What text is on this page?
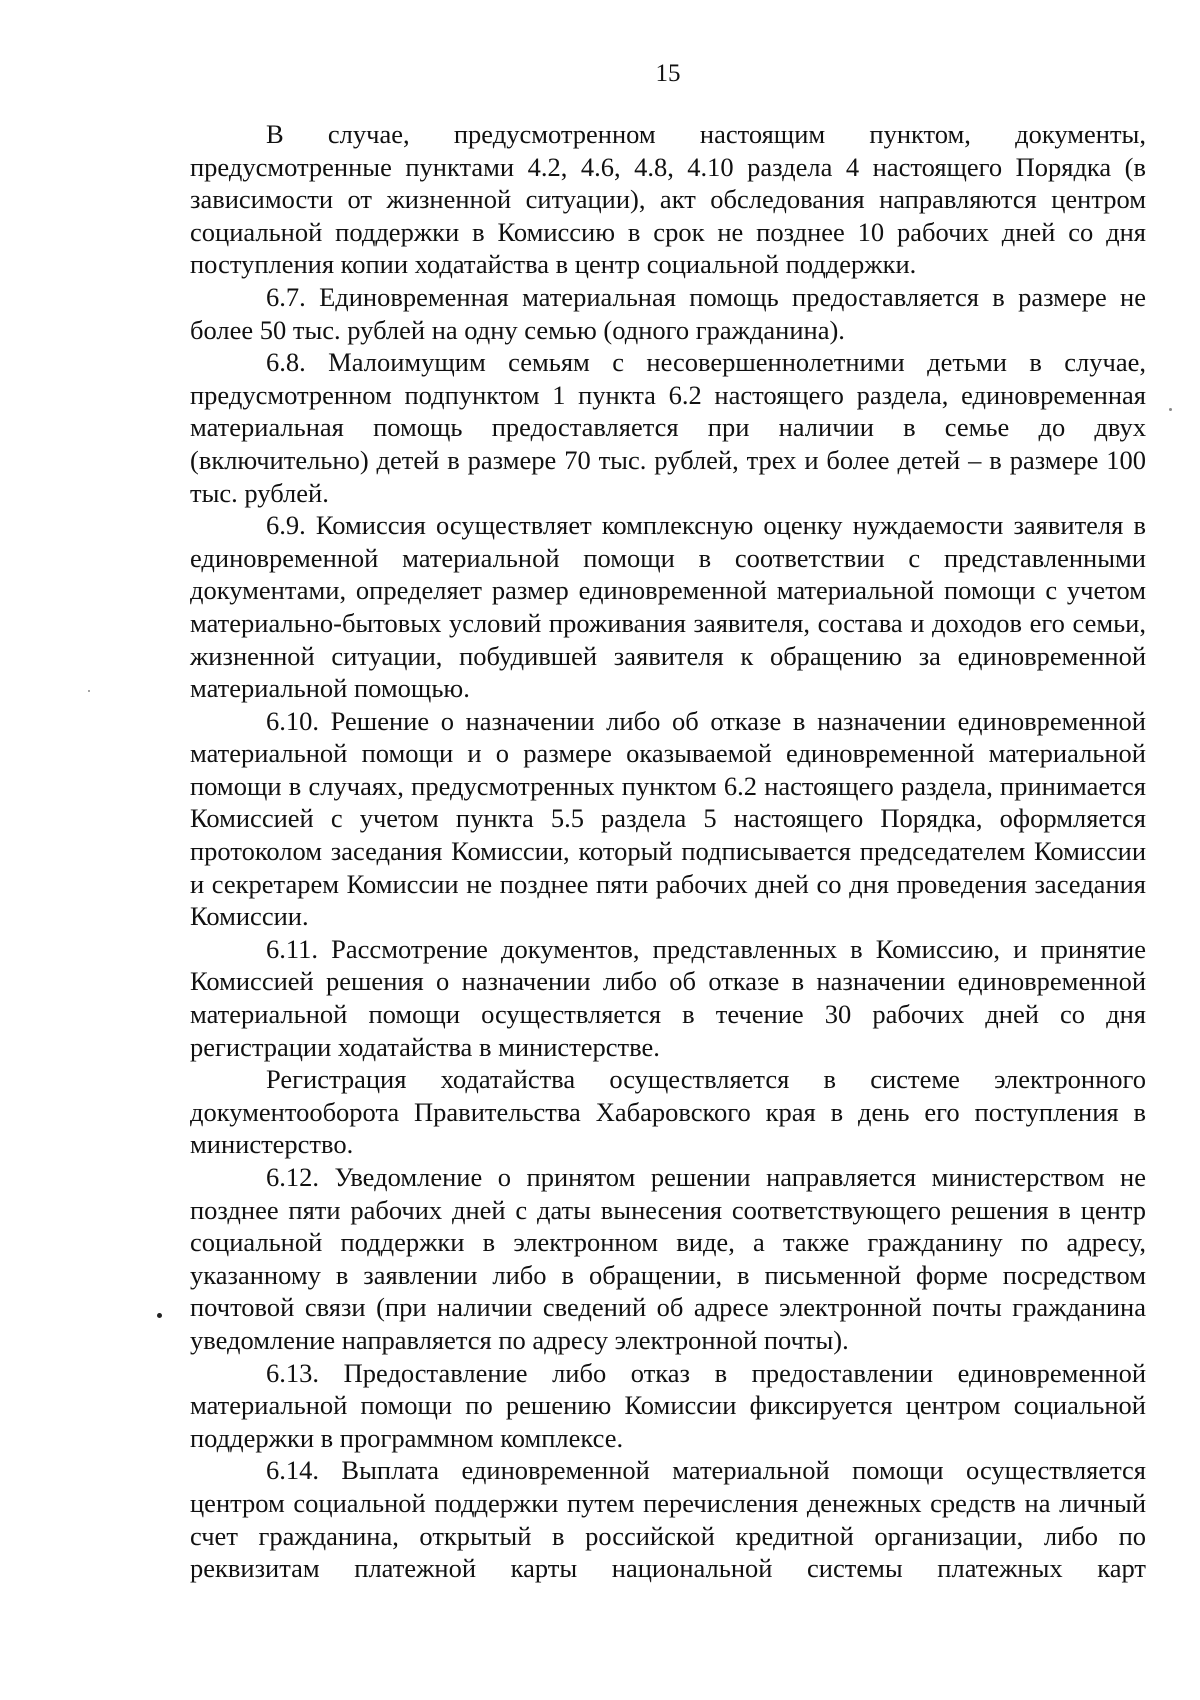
15

В случае, предусмотренном настоящим пунктом, документы, предусмотренные пунктами 4.2, 4.6, 4.8, 4.10 раздела 4 настоящего Порядка (в зависимости от жизненной ситуации), акт обследования направляются центром социальной поддержки в Комиссию в срок не позднее 10 рабочих дней со дня поступления копии ходатайства в центр социальной поддержки.

6.7. Единовременная материальная помощь предоставляется в размере не более 50 тыс. рублей на одну семью (одного гражданина).

6.8. Малоимущим семьям с несовершеннолетними детьми в случае, предусмотренном подпунктом 1 пункта 6.2 настоящего раздела, единовременная материальная помощь предоставляется при наличии в семье до двух (включительно) детей в размере 70 тыс. рублей, трех и более детей – в размере 100 тыс. рублей.

6.9. Комиссия осуществляет комплексную оценку нуждаемости заявителя в единовременной материальной помощи в соответствии с представленными документами, определяет размер единовременной материальной помощи с учетом материально-бытовых условий проживания заявителя, состава и доходов его семьи, жизненной ситуации, побудившей заявителя к обращению за единовременной материальной помощью.

6.10. Решение о назначении либо об отказе в назначении единовременной материальной помощи и о размере оказываемой единовременной материальной помощи в случаях, предусмотренных пунктом 6.2 настоящего раздела, принимается Комиссией с учетом пункта 5.5 раздела 5 настоящего Порядка, оформляется протоколом заседания Комиссии, который подписывается председателем Комиссии и секретарем Комиссии не позднее пяти рабочих дней со дня проведения заседания Комиссии.

6.11. Рассмотрение документов, представленных в Комиссию, и принятие Комиссией решения о назначении либо об отказе в назначении единовременной материальной помощи осуществляется в течение 30 рабочих дней со дня регистрации ходатайства в министерстве.

Регистрация ходатайства осуществляется в системе электронного документооборота Правительства Хабаровского края в день его поступления в министерство.

6.12. Уведомление о принятом решении направляется министерством не позднее пяти рабочих дней с даты вынесения соответствующего решения в центр социальной поддержки в электронном виде, а также гражданину по адресу, указанному в заявлении либо в обращении, в письменной форме посредством почтовой связи (при наличии сведений об адресе электронной почты гражданина уведомление направляется по адресу электронной почты).

6.13. Предоставление либо отказ в предоставлении единовременной материальной помощи по решению Комиссии фиксируется центром социальной поддержки в программном комплексе.

6.14. Выплата единовременной материальной помощи осуществляется центром социальной поддержки путем перечисления денежных средств на личный счет гражданина, открытый в российской кредитной организации, либо по реквизитам платежной карты национальной системы платежных карт
